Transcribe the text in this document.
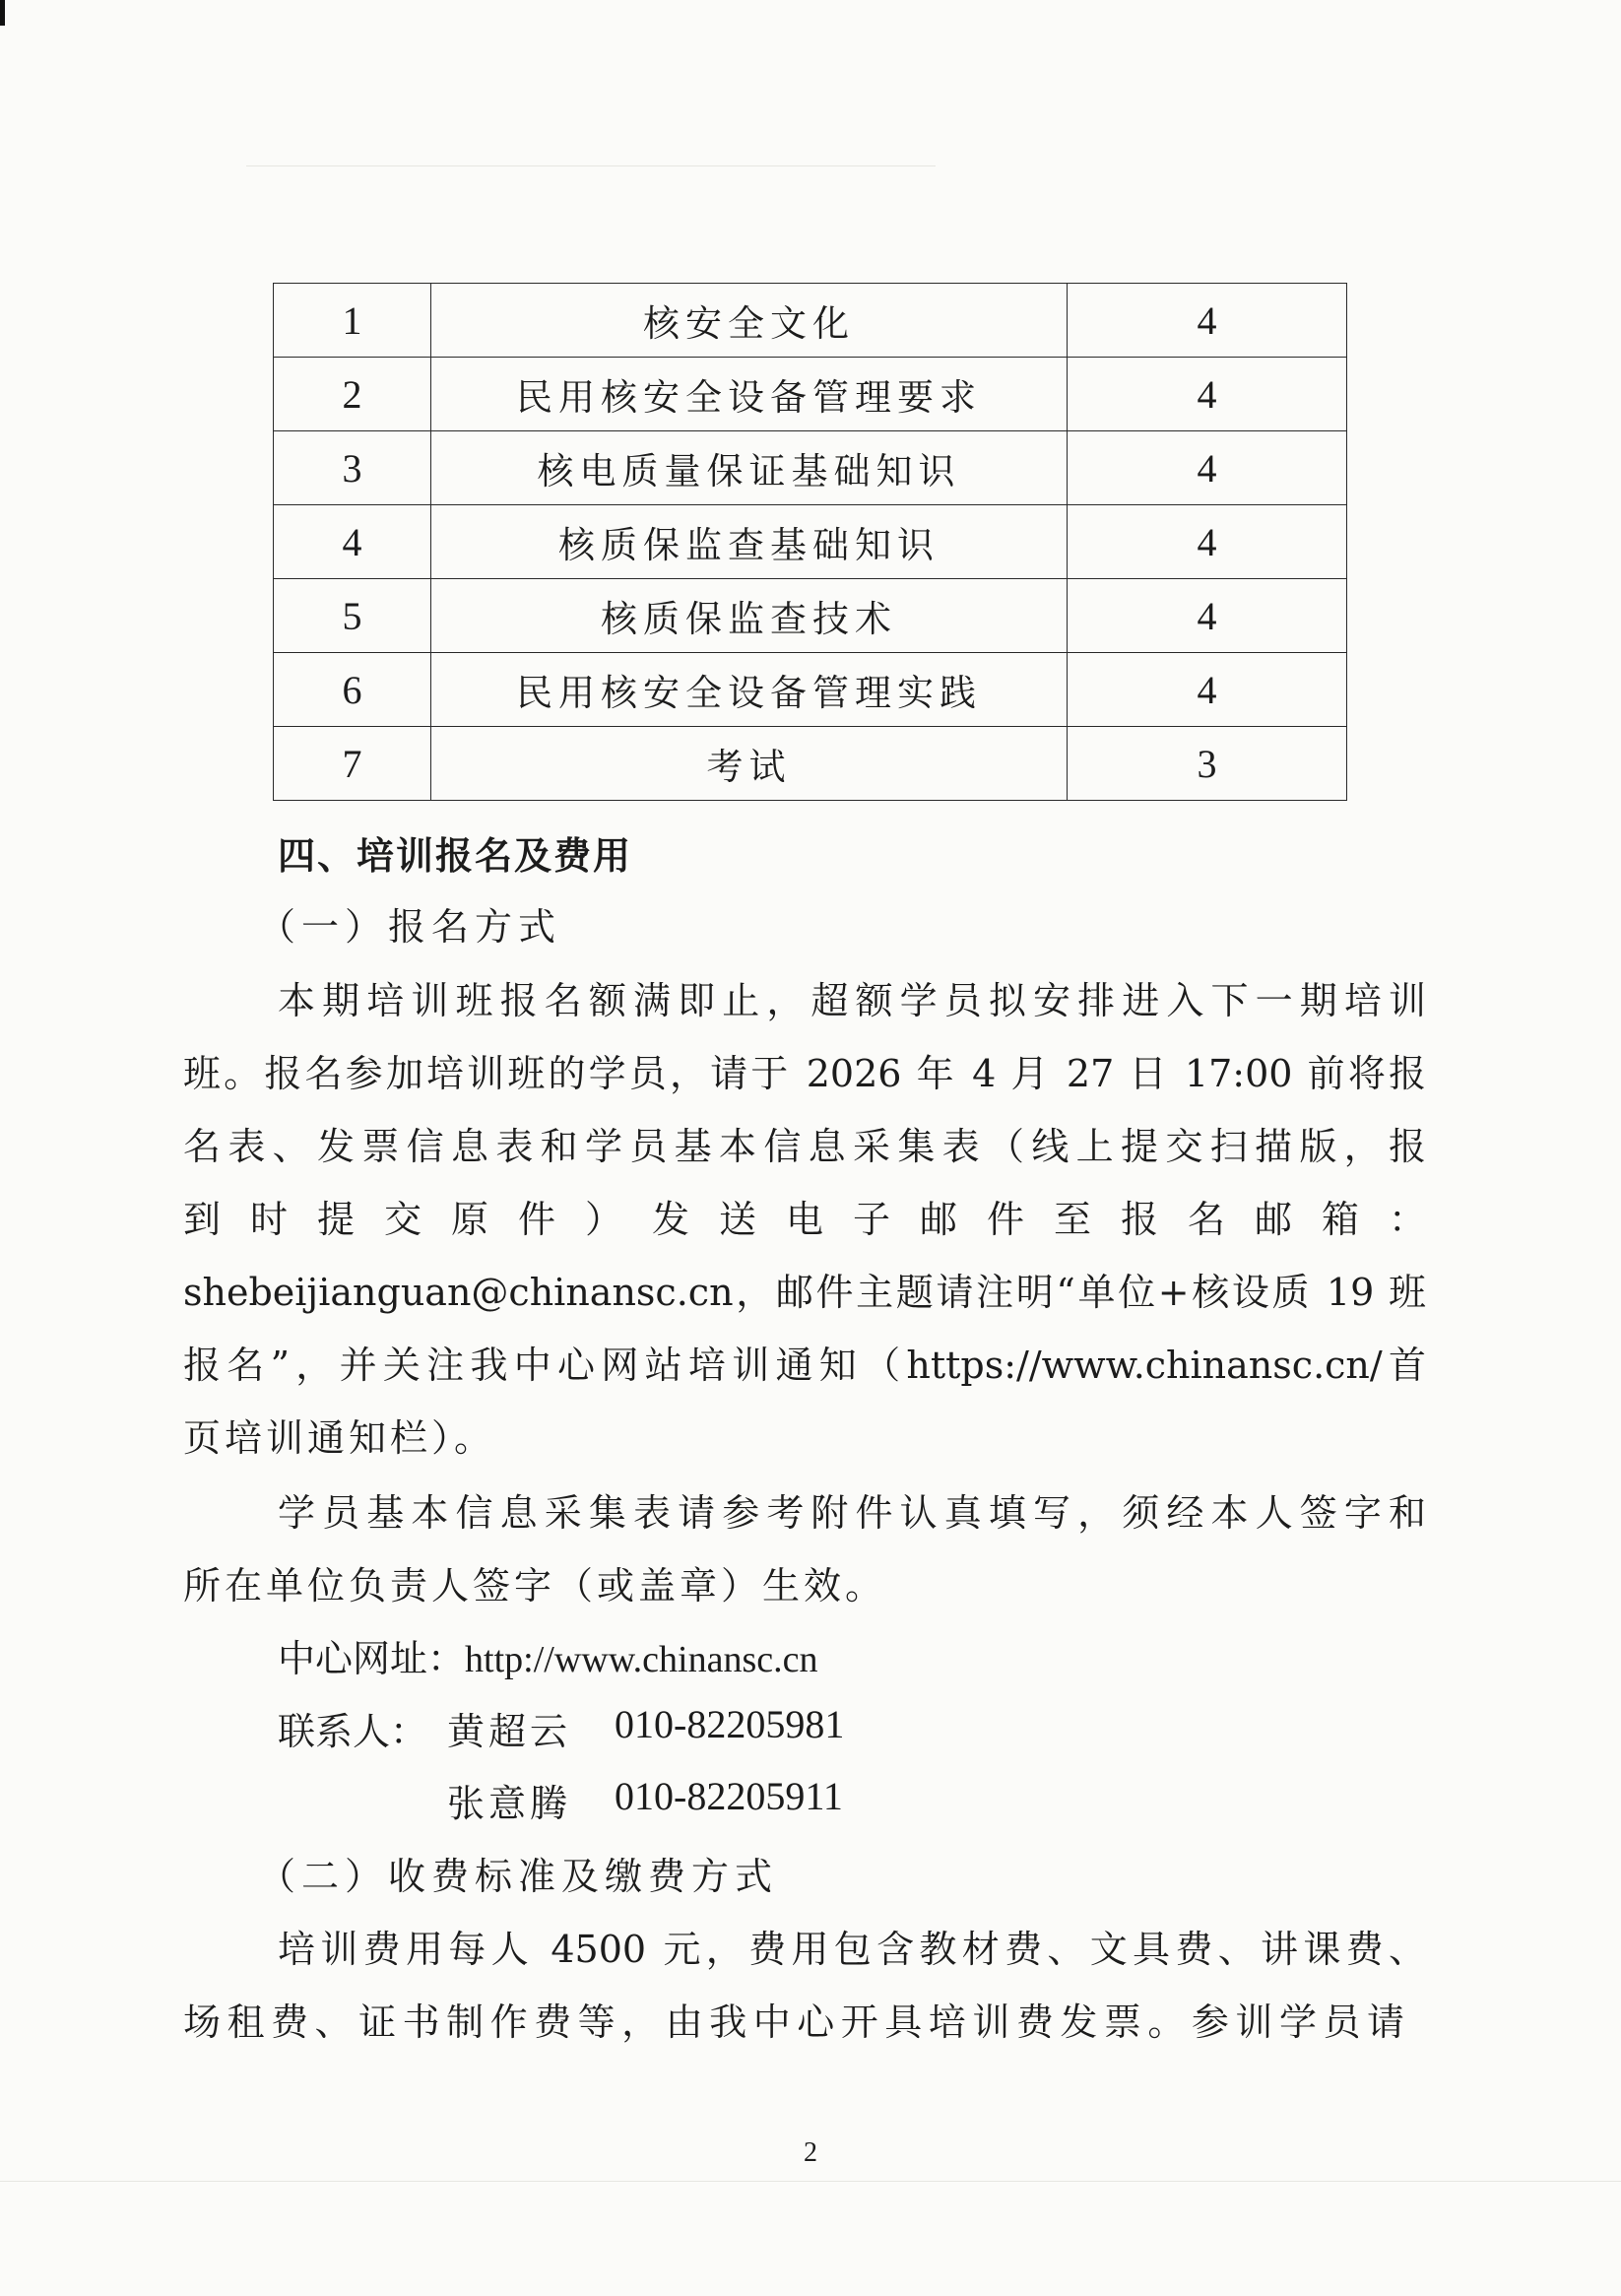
1	核安全文化	4
2	民用核安全设备管理要求	4
3	核电质量保证基础知识	4
4	核质保监查基础知识	4
5	核质保监查技术	4
6	民用核安全设备管理实践	4
7	考试	3
四、培训报名及费用
（一）报名方式
本期培训班报名额满即止，超额学员拟安排进入下一期培训
班。报名参加培训班的学员，请于 2026 年 4 月 27 日 17:00 前将报
名表、发票信息表和学员基本信息采集表（线上提交扫描版，报
到 时 提 交 原 件 ） 发 送 电 子 邮 件 至 报 名 邮 箱 ：
shebeijianguan@chinansc.cn，邮件主题请注明“单位+核设质 19 班
报名”，并关注我中心网站培训通知（https://www.chinansc.cn/首
页培训通知栏）。
学员基本信息采集表请参考附件认真填写，须经本人签字和
所在单位负责人签字（或盖章）生效。
中心网址：http://www.chinansc.cn
联系人： 黄超云 010-82205981
张意腾 010-82205911
（二）收费标准及缴费方式
培训费用每人 4500 元，费用包含教材费、文具费、讲课费、
场租费、证书制作费等，由我中心开具培训费发票。参训学员请
2
